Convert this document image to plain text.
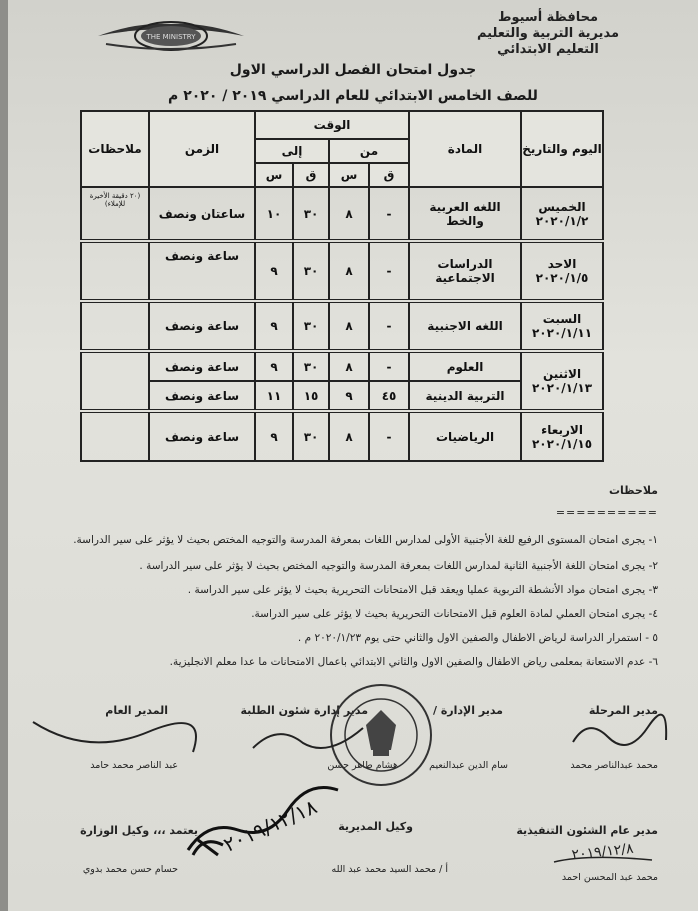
محافظة أسيوط
مديرية التربية والتعليم
التعليم الابتدائي
THE MINISTRY
جدول امتحان الفصل الدراسي الاول
للصف الخامس الابتدائي للعام الدراسي ٢٠١٩ / ٢٠٢٠ م
اليوم والتاريخ	المادة	الوقت				الزمن	ملاحظات
		من		إلى			
		ق	س	ق	س		

الخميس
٢٠٢٠/١/٢	اللغه العربية والخط	-	٨	٣٠	١٠	ساعتان ونصف	(٢٠ دقيقة الأخيرة للإملاء)

الاحد
٢٠٢٠/١/٥	الدراسات الاجتماعية	-	٨	٣٠	٩	ساعة ونصف	

السبت
٢٠٢٠/١/١١	اللغه الاجنبية	-	٨	٣٠	٩	ساعة ونصف	

الاثنين
٢٠٢٠/١/١٣	العلوم	-	٨	٣٠	٩	ساعة ونصف	
	التربية الدينية	٤٥	٩	١٥	١١	ساعة ونصف	

الاربعاء
٢٠٢٠/١/١٥	الرياضيات	-	٨	٣٠	٩	ساعة ونصف	
ملاحظات
==========
١- يجرى امتحان المستوى الرفيع للغة الأجنبية الأولى لمدارس اللغات بمعرفة المدرسة والتوجيه المختص بحيث لا يؤثر على سير الدراسة.
٢- يجرى امتحان اللغة الأجنبية الثانية لمدارس اللغات بمعرفة المدرسة والتوجيه المختص بحيث لا يؤثر على سير الدراسة .
٣- يجرى امتحان مواد الأنشطة التربوية عمليا ويعقد قبل الامتحانات التحريرية بحيث لا يؤثر على سير الدراسة .
٤- يجرى امتحان العملي لمادة العلوم قبل الامتحانات التحريرية بحيث لا يؤثر على سير الدراسة.
٥ - استمرار الدراسة لرياض الاطفال والصفين الاول والثاني حتى يوم ٢٠٢٠/١/٢٣ م .
٦- عدم الاستعانة بمعلمى رياض الاطفال والصفين الاول والثاني الابتدائي باعمال الامتحانات ما عدا معلم الانجليزية.
مدير المرحلة
محمد عبدالناصر محمد
مدير الإدارة /
سام الدين عبدالنعيم
مدير إدارة شئون الطلبة
هشام طاهر حسن
المدير العام
عبد الناصر محمد حامد
مدير عام الشئون التنفيذية
محمد عبد المحسن احمد
وكيل المديرية
أ / محمد السيد محمد عبد الله
يعتمد ،،، وكيل الوزارة
حسام حسن محمد بدوي
٢٠١٩/١٢/١٨	٢٠١٩/١٢/٨
